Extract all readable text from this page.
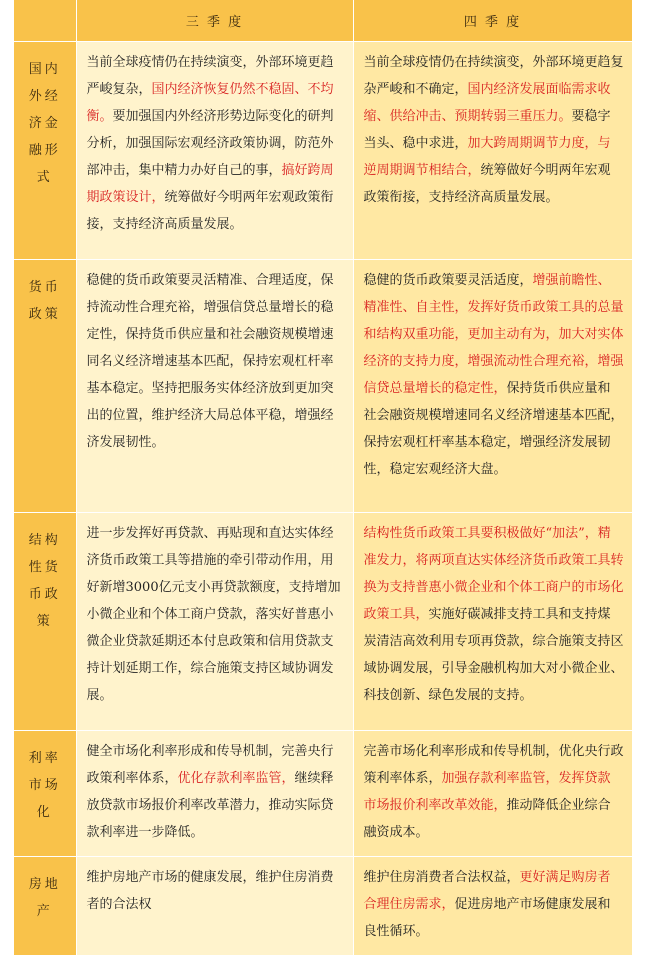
	三 季 度	四 季 度
国内外经济金融形式	当前全球疫情仍在持续演变，外部环境更趋严峻复杂，国内经济恢复仍然不稳固、不均衡。要加强国内外经济形势边际变化的研判分析，加强国际宏观经济政策协调，防范外部冲击，集中精力办好自己的事，搞好跨周期政策设计，统筹做好今明两年宏观政策衔接，支持经济高质量发展。	当前全球疫情仍在持续演变，外部环境更趋复杂严峻和不确定，国内经济发展面临需求收缩、供给冲击、预期转弱三重压力。要稳字当头、稳中求进，加大跨周期调节力度，与逆周期调节相结合，统筹做好今明两年宏观政策衔接，支持经济高质量发展。
货币政策	稳健的货币政策要灵活精准、合理适度，保持流动性合理充裕，增强信贷总量增长的稳定性，保持货币供应量和社会融资规模增速同名义经济增速基本匹配，保持宏观杠杆率基本稳定。坚持把服务实体经济放到更加突出的位置，维护经济大局总体平稳，增强经济发展韧性。	稳健的货币政策要灵活适度，增强前瞻性、精准性、自主性，发挥好货币政策工具的总量和结构双重功能，更加主动有为，加大对实体经济的支持力度，增强流动性合理充裕，增强信贷总量增长的稳定性，保持货币供应量和社会融资规模增速同名义经济增速基本匹配，保持宏观杠杆率基本稳定，增强经济发展韧性，稳定宏观经济大盘。
结构性货币政策	进一步发挥好再贷款、再贴现和直达实体经济货币政策工具等措施的牵引带动作用，用好新增3000亿元支小再贷款额度，支持增加小微企业和个体工商户贷款，落实好普惠小微企业贷款延期还本付息政策和信用贷款支持计划延期工作，综合施策支持区域协调发展。	结构性货币政策工具要积极做好“加法”，精准发力，将两项直达实体经济货币政策工具转换为支持普惠小微企业和个体工商户的市场化政策工具，实施好碳减排支持工具和支持煤炭清洁高效利用专项再贷款，综合施策支持区域协调发展，引导金融机构加大对小微企业、科技创新、绿色发展的支持。
利率市场化	健全市场化利率形成和传导机制，完善央行政策利率体系，优化存款利率监管，继续释放贷款市场报价利率改革潜力，推动实际贷款利率进一步降低。	完善市场化利率形成和传导机制，优化央行政策利率体系，加强存款利率监管，发挥贷款市场报价利率改革效能，推动降低企业综合融资成本。
房地产	维护房地产市场的健康发展，维护住房消费者的合法权	维护住房消费者合法权益，更好满足购房者合理住房需求，促进房地产市场健康发展和良性循环。
